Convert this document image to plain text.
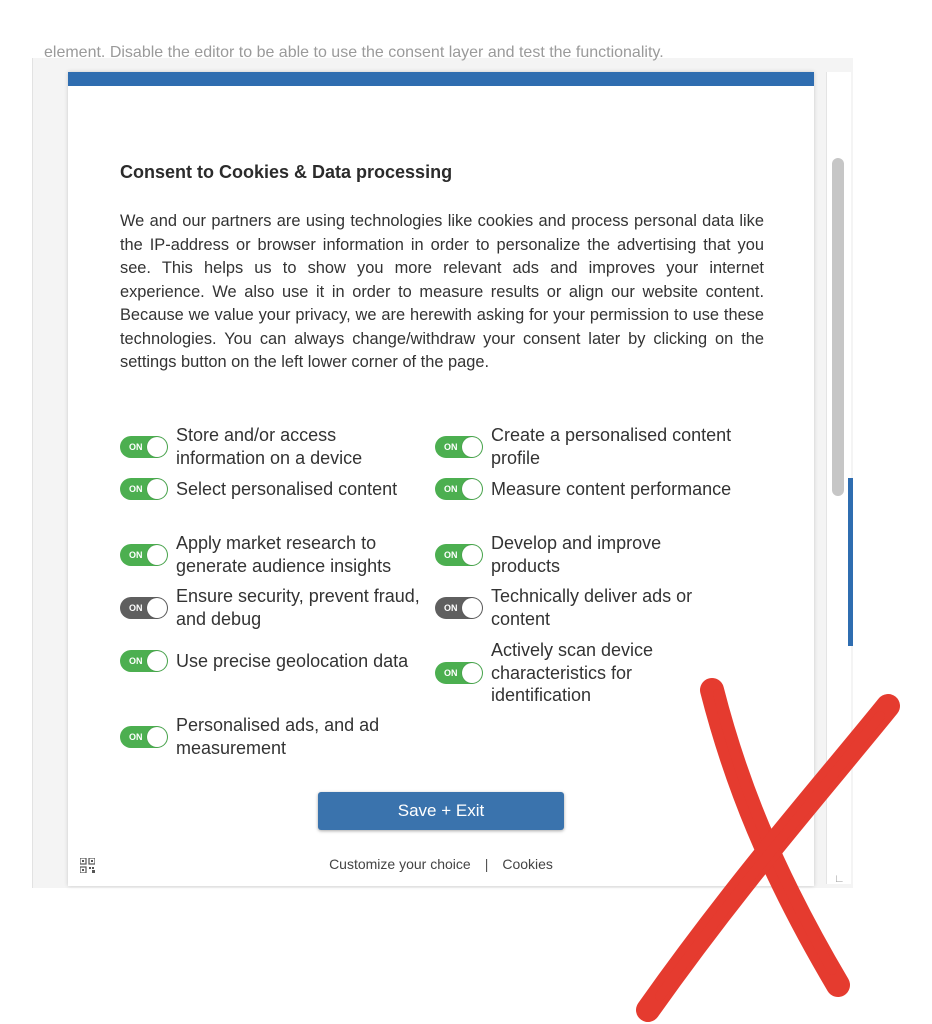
element. Disable the editor to be able to use the consent layer and test the functionality.
∟
Consent to Cookies & Data processing

We and our partners are using technologies like cookies and process personal data like the IP-address or browser information in order to personalize the advertising that you see. This helps us to show you more relevant ads and improves your internet experience. We also use it in order to measure results or align our website content. Because we value your privacy, we are herewith asking for your permission to use these technologies. You can always change/withdraw your consent later by clicking on the settings button on the left lower corner of the page.

ON
Store and/or access information on a device
ON
Create a personalised content profile
ON Select personalised content	ON Measure content performance
ON
Apply market research to generate audience insights
ON
Develop and improve products
ON
Ensure security, prevent fraud, and debug
ON
Technically deliver ads or content
ON Use precise geolocation data
ON
Actively scan device characteristics for identification
ON
Personalised ads, and ad measurement
Save + Exit
Customize your choice | Cookies
